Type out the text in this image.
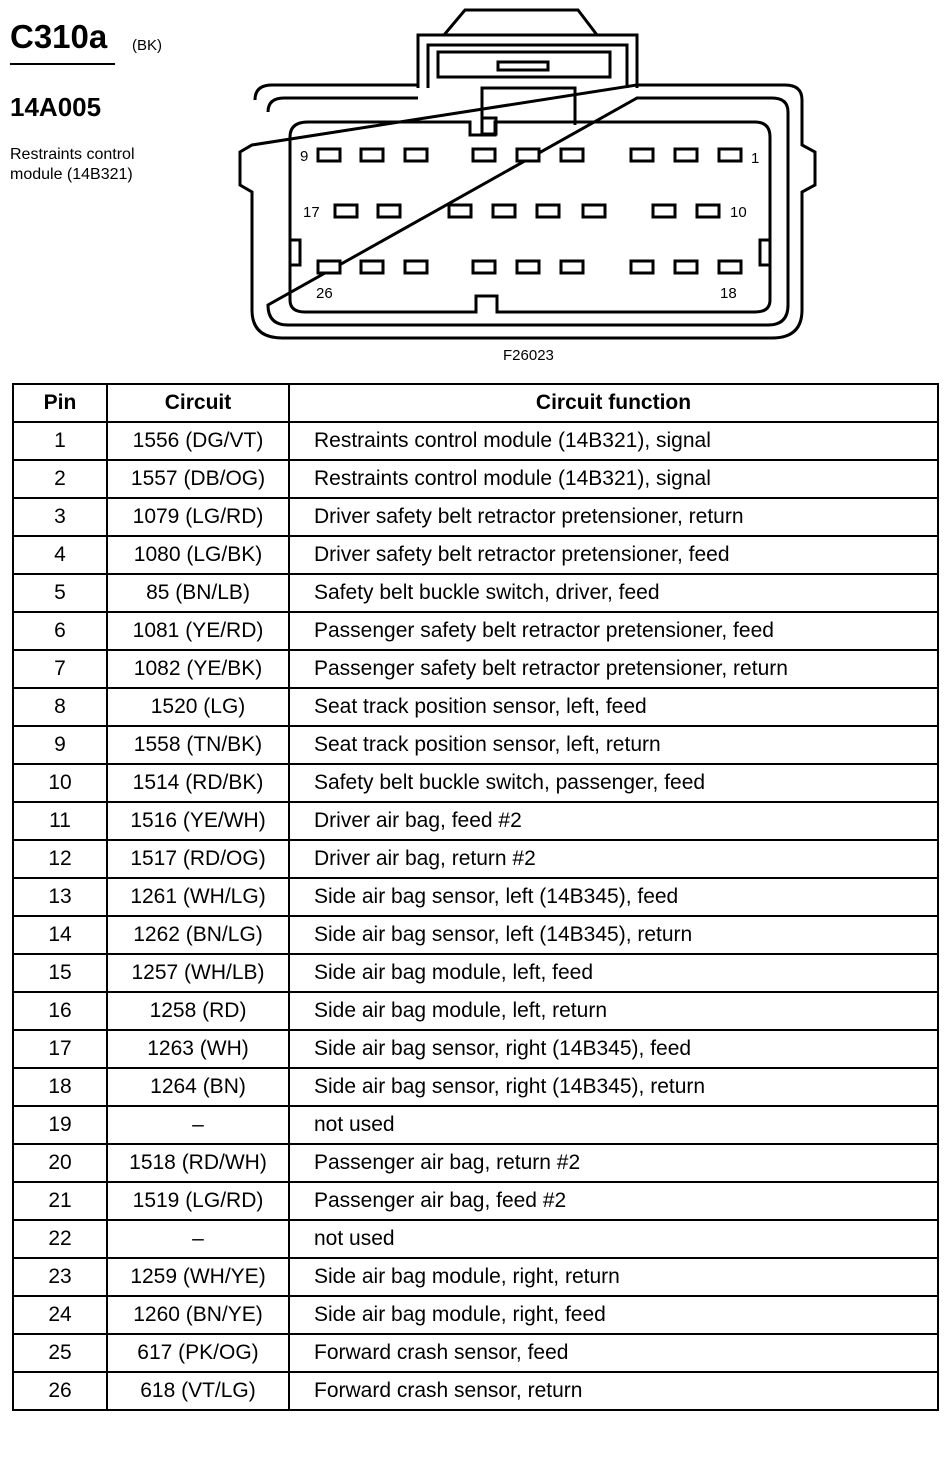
C310a (BK)
14A005
Restraints control
module (14B321)
9	1
17	10
26	18
F26023
Pin	Circuit	Circuit function
1	1556 (DG/VT)	Restraints control module (14B321), signal
2	1557 (DB/OG)	Restraints control module (14B321), signal
3	1079 (LG/RD)	Driver safety belt retractor pretensioner, return
4	1080 (LG/BK)	Driver safety belt retractor pretensioner, feed
5	85 (BN/LB)	Safety belt buckle switch, driver, feed
6	1081 (YE/RD)	Passenger safety belt retractor pretensioner, feed
7	1082 (YE/BK)	Passenger safety belt retractor pretensioner, return
8	1520 (LG)	Seat track position sensor, left, feed
9	1558 (TN/BK)	Seat track position sensor, left, return
10	1514 (RD/BK)	Safety belt buckle switch, passenger, feed
11	1516 (YE/WH)	Driver air bag, feed #2
12	1517 (RD/OG)	Driver air bag, return #2
13	1261 (WH/LG)	Side air bag sensor, left (14B345), feed
14	1262 (BN/LG)	Side air bag sensor, left (14B345), return
15	1257 (WH/LB)	Side air bag module, left, feed
16	1258 (RD)	Side air bag module, left, return
17	1263 (WH)	Side air bag sensor, right (14B345), feed
18	1264 (BN)	Side air bag sensor, right (14B345), return
19	–	not used
20	1518 (RD/WH)	Passenger air bag, return #2
21	1519 (LG/RD)	Passenger air bag, feed #2
22	–	not used
23	1259 (WH/YE)	Side air bag module, right, return
24	1260 (BN/YE)	Side air bag module, right, feed
25	617 (PK/OG)	Forward crash sensor, feed
26	618 (VT/LG)	Forward crash sensor, return
